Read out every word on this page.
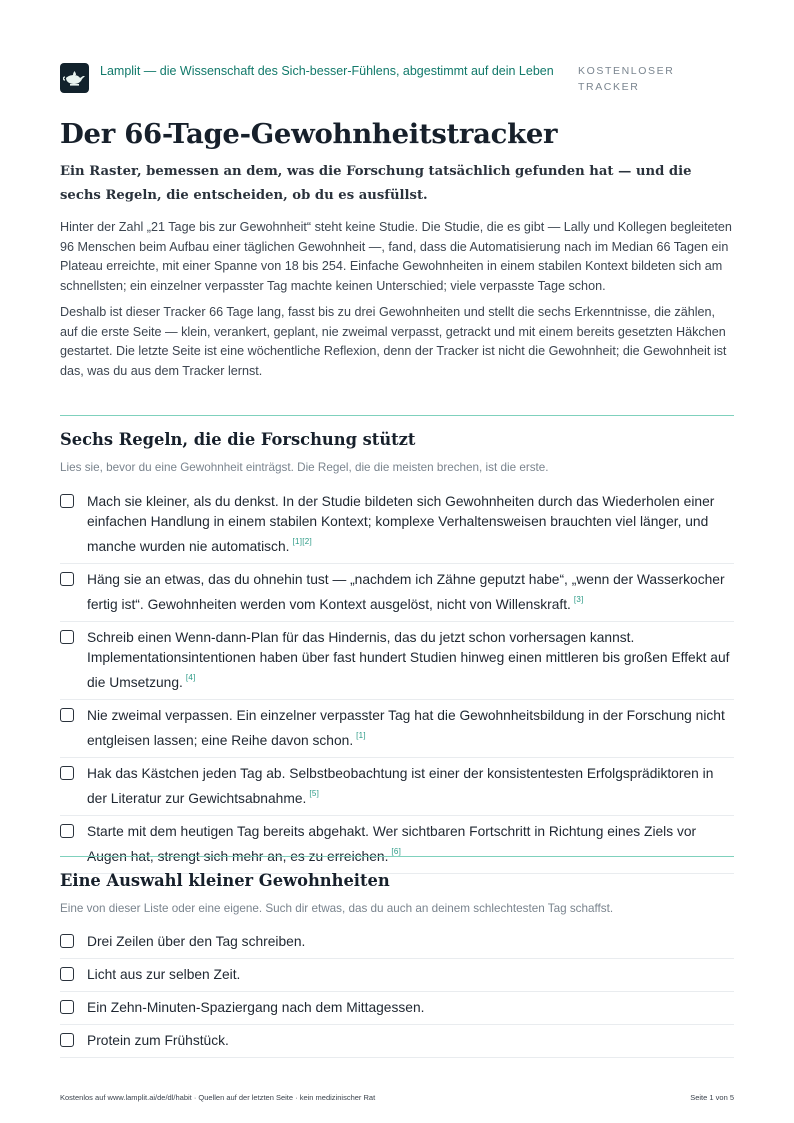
Lamplit — die Wissenschaft des Sich-besser-Fühlens, abgestimmt auf dein Leben	KOSTENLOSER
TRACKER
Der 66-Tage-Gewohnheitstracker

Ein Raster, bemessen an dem, was die Forschung tatsächlich gefunden hat — und die sechs Regeln, die entscheiden, ob du es ausfüllst.

Hinter der Zahl „21 Tage bis zur Gewohnheit“ steht keine Studie. Die Studie, die es gibt — Lally und Kollegen begleiteten 96 Menschen beim Aufbau einer täglichen Gewohnheit —, fand, dass die Automatisierung nach im Median 66 Tagen ein Plateau erreichte, mit einer Spanne von 18 bis 254. Einfache Gewohnheiten in einem stabilen Kontext bildeten sich am schnellsten; ein einzelner verpasster Tag machte keinen Unterschied; viele verpasste Tage schon.

Deshalb ist dieser Tracker 66 Tage lang, fasst bis zu drei Gewohnheiten und stellt die sechs Erkenntnisse, die zählen, auf die erste Seite — klein, verankert, geplant, nie zweimal verpasst, getrackt und mit einem bereits gesetzten Häkchen gestartet. Die letzte Seite ist eine wöchentliche Reflexion, denn der Tracker ist nicht die Gewohnheit; die Gewohnheit ist das, was du aus dem Tracker lernst.

Sechs Regeln, die die Forschung stützt

Lies sie, bevor du eine Gewohnheit einträgst. Die Regel, die die meisten brechen, ist die erste.

Mach sie kleiner, als du denkst. In der Studie bildeten sich Gewohnheiten durch das Wiederholen einer einfachen Handlung in einem stabilen Kontext; komplexe Verhaltensweisen brauchten viel länger, und manche wurden nie automatisch. [1][2]

Häng sie an etwas, das du ohnehin tust — „nachdem ich Zähne geputzt habe“, „wenn der Wasserkocher fertig ist“. Gewohnheiten werden vom Kontext ausgelöst, nicht von Willenskraft. [3]

Schreib einen Wenn-dann-Plan für das Hindernis, das du jetzt schon vorhersagen kannst. Implementationsintentionen haben über fast hundert Studien hinweg einen mittleren bis großen Effekt auf die Umsetzung. [4]

Nie zweimal verpassen. Ein einzelner verpasster Tag hat die Gewohnheitsbildung in der Forschung nicht entgleisen lassen; eine Reihe davon schon. [1]

Hak das Kästchen jeden Tag ab. Selbstbeobachtung ist einer der konsistentesten Erfolgsprädiktoren in der Literatur zur Gewichtsabnahme. [5]

Starte mit dem heutigen Tag bereits abgehakt. Wer sichtbaren Fortschritt in Richtung eines Ziels vor Augen hat, strengt sich mehr an, es zu erreichen. [6]

Eine Auswahl kleiner Gewohnheiten

Eine von dieser Liste oder eine eigene. Such dir etwas, das du auch an deinem schlechtesten Tag schaffst.

Drei Zeilen über den Tag schreiben.

Licht aus zur selben Zeit.

Ein Zehn-Minuten-Spaziergang nach dem Mittagessen.

Protein zum Frühstück.

Kostenlos auf www.lamplit.ai/de/dl/habit · Quellen auf der letzten Seite · kein medizinischer Rat	Seite 1 von 5
